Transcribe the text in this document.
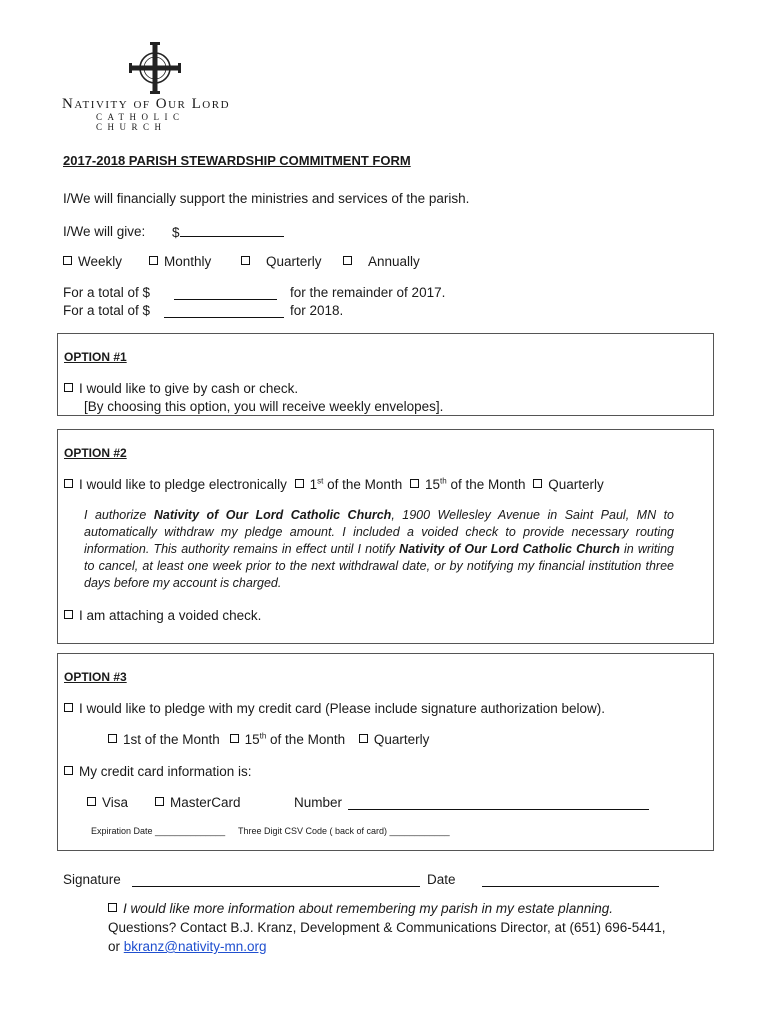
Nativity of Our Lord
CATHOLIC CHURCH
2017-2018 PARISH STEWARDSHIP COMMITMENT FORM
I/We will financially support the ministries and services of the parish.
I/We will give: $
Weekly	Monthly	Quarterly	Annually
For a total of $	for the remainder of 2017.
For a total of $	for 2018.
OPTION #1
I would like to give by cash or check.
[By choosing this option, you will receive weekly envelopes].
OPTION #2
I would like to pledge electronically 1st of the Month 15th of the Month Quarterly
I authorize Nativity of Our Lord Catholic Church, 1900 Wellesley Avenue in Saint Paul, MN to automatically withdraw my pledge amount. I included a voided check to provide necessary routing information. This authority remains in effect until I notify Nativity of Our Lord Catholic Church in writing to cancel, at least one week prior to the next withdrawal date, or by notifying my financial institution three days before my account is charged.
I am attaching a voided check.
OPTION #3
I would like to pledge with my credit card (Please include signature authorization below).
1st of the Month 15th of the Month Quarterly
My credit card information is:
Visa	MasterCard	Number
Expiration Date ______________ Three Digit CSV Code ( back of card) ____________
Signature	Date
I would like more information about remembering my parish in my estate planning.
Questions? Contact B.J. Kranz, Development & Communications Director, at (651) 696-5441,
or bkranz@nativity-mn.org
